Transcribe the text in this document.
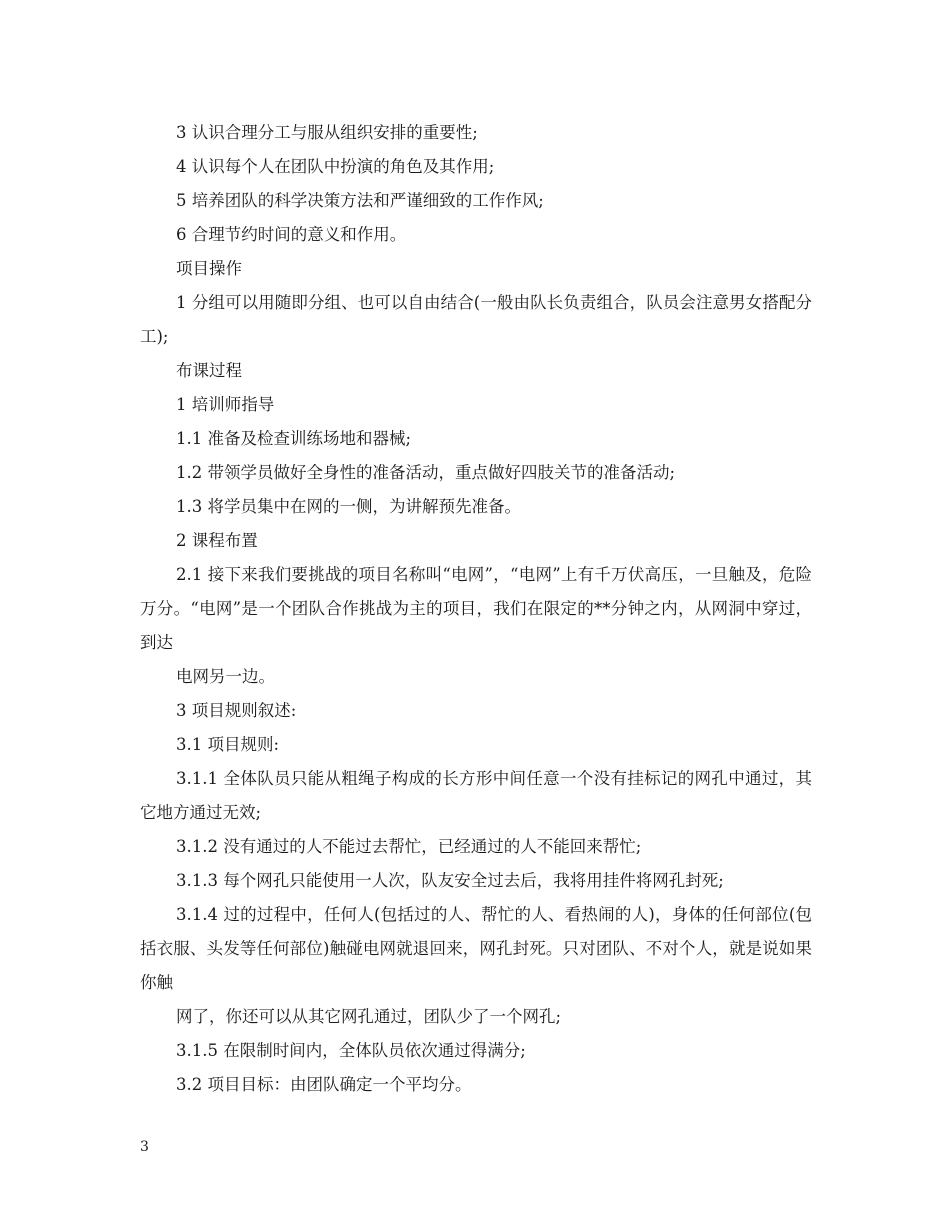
3 认识合理分工与服从组织安排的重要性;

4 认识每个人在团队中扮演的角色及其作用;

5 培养团队的科学决策方法和严谨细致的工作作风;

6 合理节约时间的意义和作用。

项目操作

1 分组可以用随即分组、也可以自由结合(一般由队长负责组合，队员会注意男女搭配分工);

布课过程

1 培训师指导

1.1 准备及检查训练场地和器械;

1.2 带领学员做好全身性的准备活动，重点做好四肢关节的准备活动;

1.3 将学员集中在网的一侧，为讲解预先准备。

2 课程布置

2.1 接下来我们要挑战的项目名称叫“电网”，“电网”上有千万伏高压，一旦触及，危险万分。“电网”是一个团队合作挑战为主的项目，我们在限定的**分钟之内，从网洞中穿过，到达

电网另一边。

3 项目规则叙述:

3.1 项目规则:

3.1.1 全体队员只能从粗绳子构成的长方形中间任意一个没有挂标记的网孔中通过，其它地方通过无效;

3.1.2 没有通过的人不能过去帮忙，已经通过的人不能回来帮忙;

3.1.3 每个网孔只能使用一人次，队友安全过去后，我将用挂件将网孔封死;

3.1.4 过的过程中，任何人(包括过的人、帮忙的人、看热闹的人)，身体的任何部位(包括衣服、头发等任何部位)触碰电网就退回来，网孔封死。只对团队、不对个人，就是说如果你触

网了，你还可以从其它网孔通过，团队少了一个网孔;

3.1.5 在限制时间内，全体队员依次通过得满分;

3.2 项目目标：由团队确定一个平均分。

3
